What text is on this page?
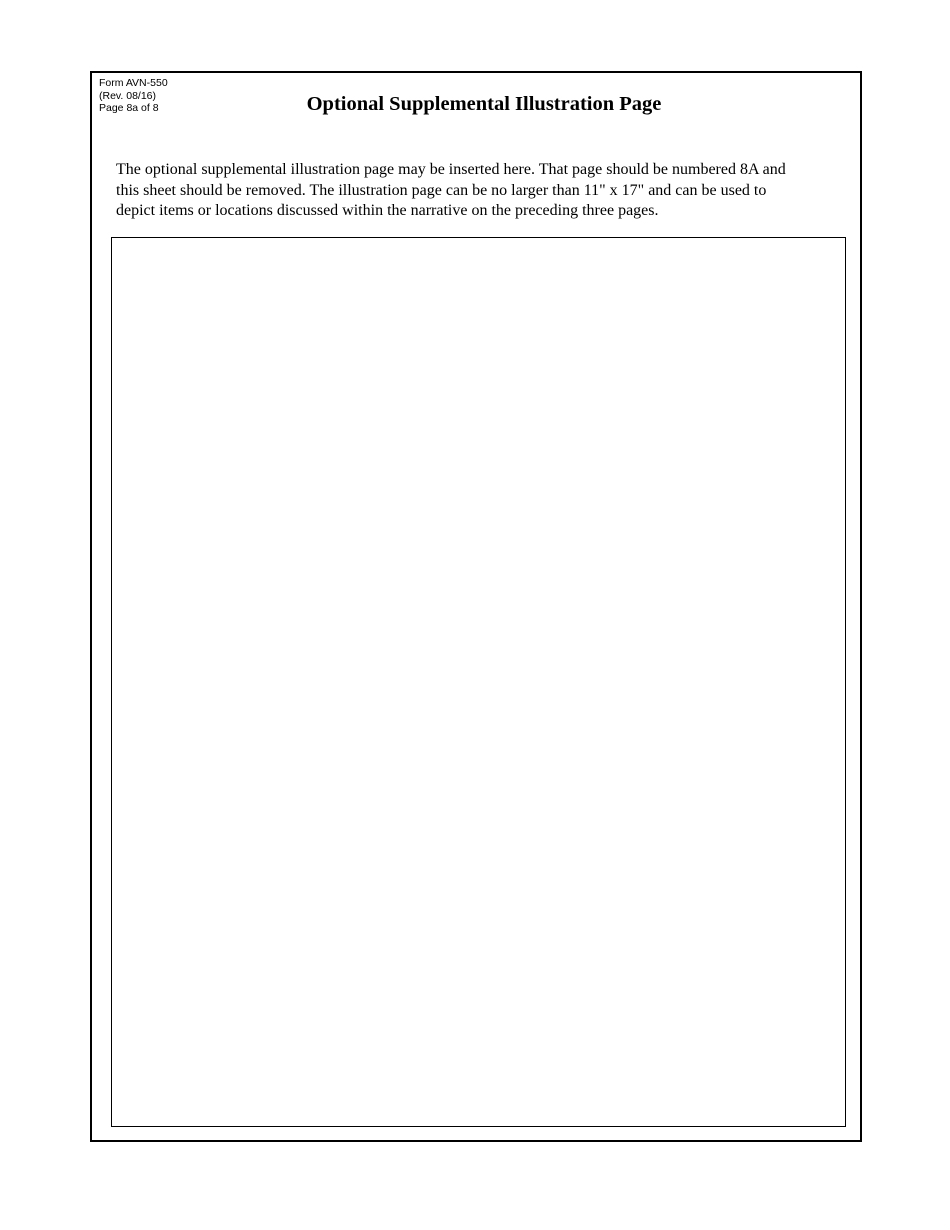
Form AVN-550
(Rev. 08/16)
Page 8a of 8	Optional Supplemental Illustration Page

The optional supplemental illustration page may be inserted here. That page should be numbered 8A and
this sheet should be removed. The illustration page can be no larger than 11" x 17" and can be used to
depict items or locations discussed within the narrative on the preceding three pages.
